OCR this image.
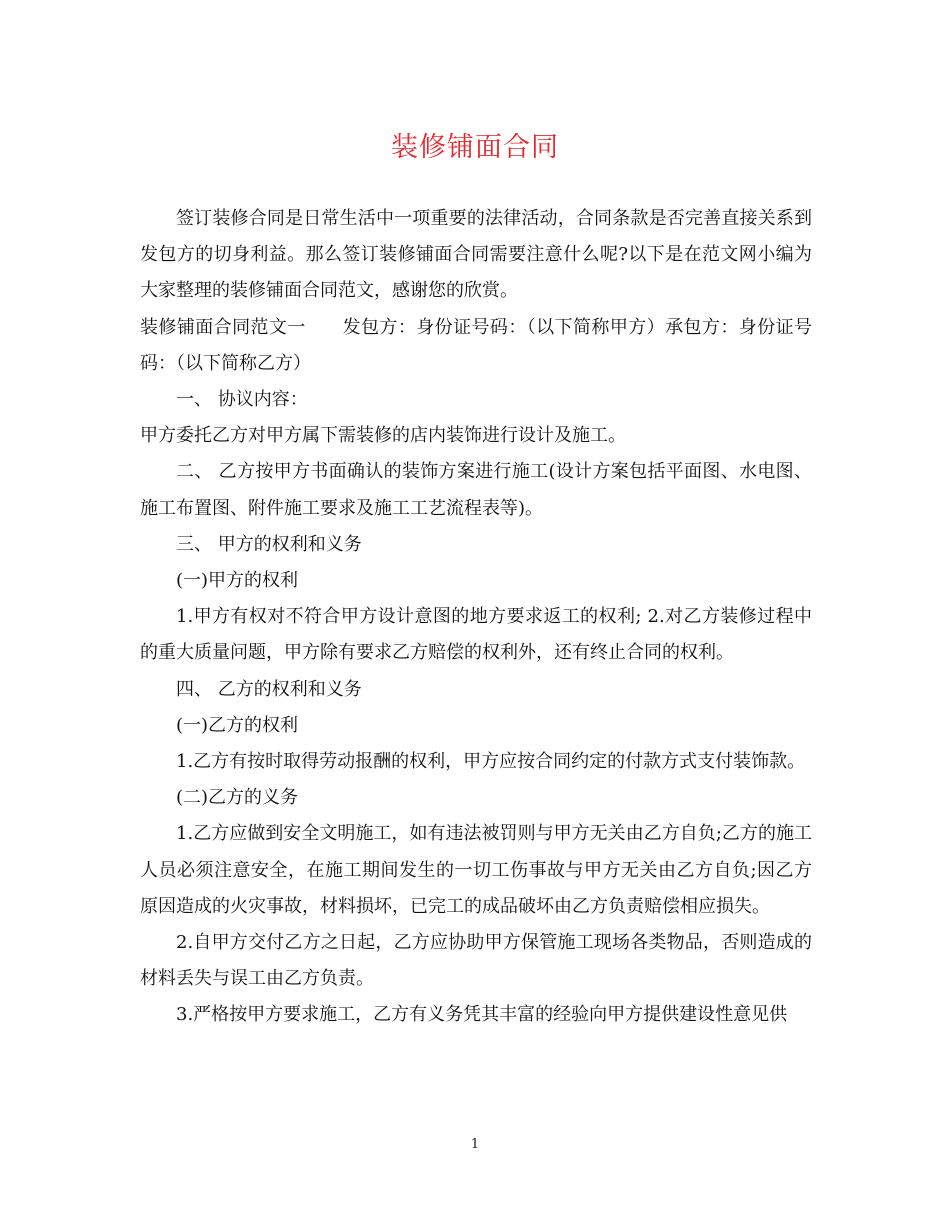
装修铺面合同

签订装修合同是日常生活中一项重要的法律活动，合同条款是否完善直接关系到发包方的切身利益。那么签订装修铺面合同需要注意什么呢?以下是在范文网小编为大家整理的装修铺面合同范文，感谢您的欣赏。

装修铺面合同范文一　　发包方：身份证号码：（以下简称甲方）承包方：身份证号码：（以下简称乙方）

一、 协议内容：

甲方委托乙方对甲方属下需装修的店内装饰进行设计及施工。

二、 乙方按甲方书面确认的装饰方案进行施工(设计方案包括平面图、水电图、施工布置图、附件施工要求及施工工艺流程表等)。

三、 甲方的权利和义务

(一)甲方的权利

1.甲方有权对不符合甲方设计意图的地方要求返工的权利; 2.对乙方装修过程中的重大质量问题，甲方除有要求乙方赔偿的权利外，还有终止合同的权利。

四、 乙方的权利和义务

(一)乙方的权利

1.乙方有按时取得劳动报酬的权利，甲方应按合同约定的付款方式支付装饰款。

(二)乙方的义务

1.乙方应做到安全文明施工，如有违法被罚则与甲方无关由乙方自负;乙方的施工人员必须注意安全，在施工期间发生的一切工伤事故与甲方无关由乙方自负;因乙方原因造成的火灾事故，材料损坏，已完工的成品破坏由乙方负责赔偿相应损失。

2.自甲方交付乙方之日起，乙方应协助甲方保管施工现场各类物品，否则造成的材料丢失与误工由乙方负责。

3.严格按甲方要求施工，乙方有义务凭其丰富的经验向甲方提供建设性意见供

1
